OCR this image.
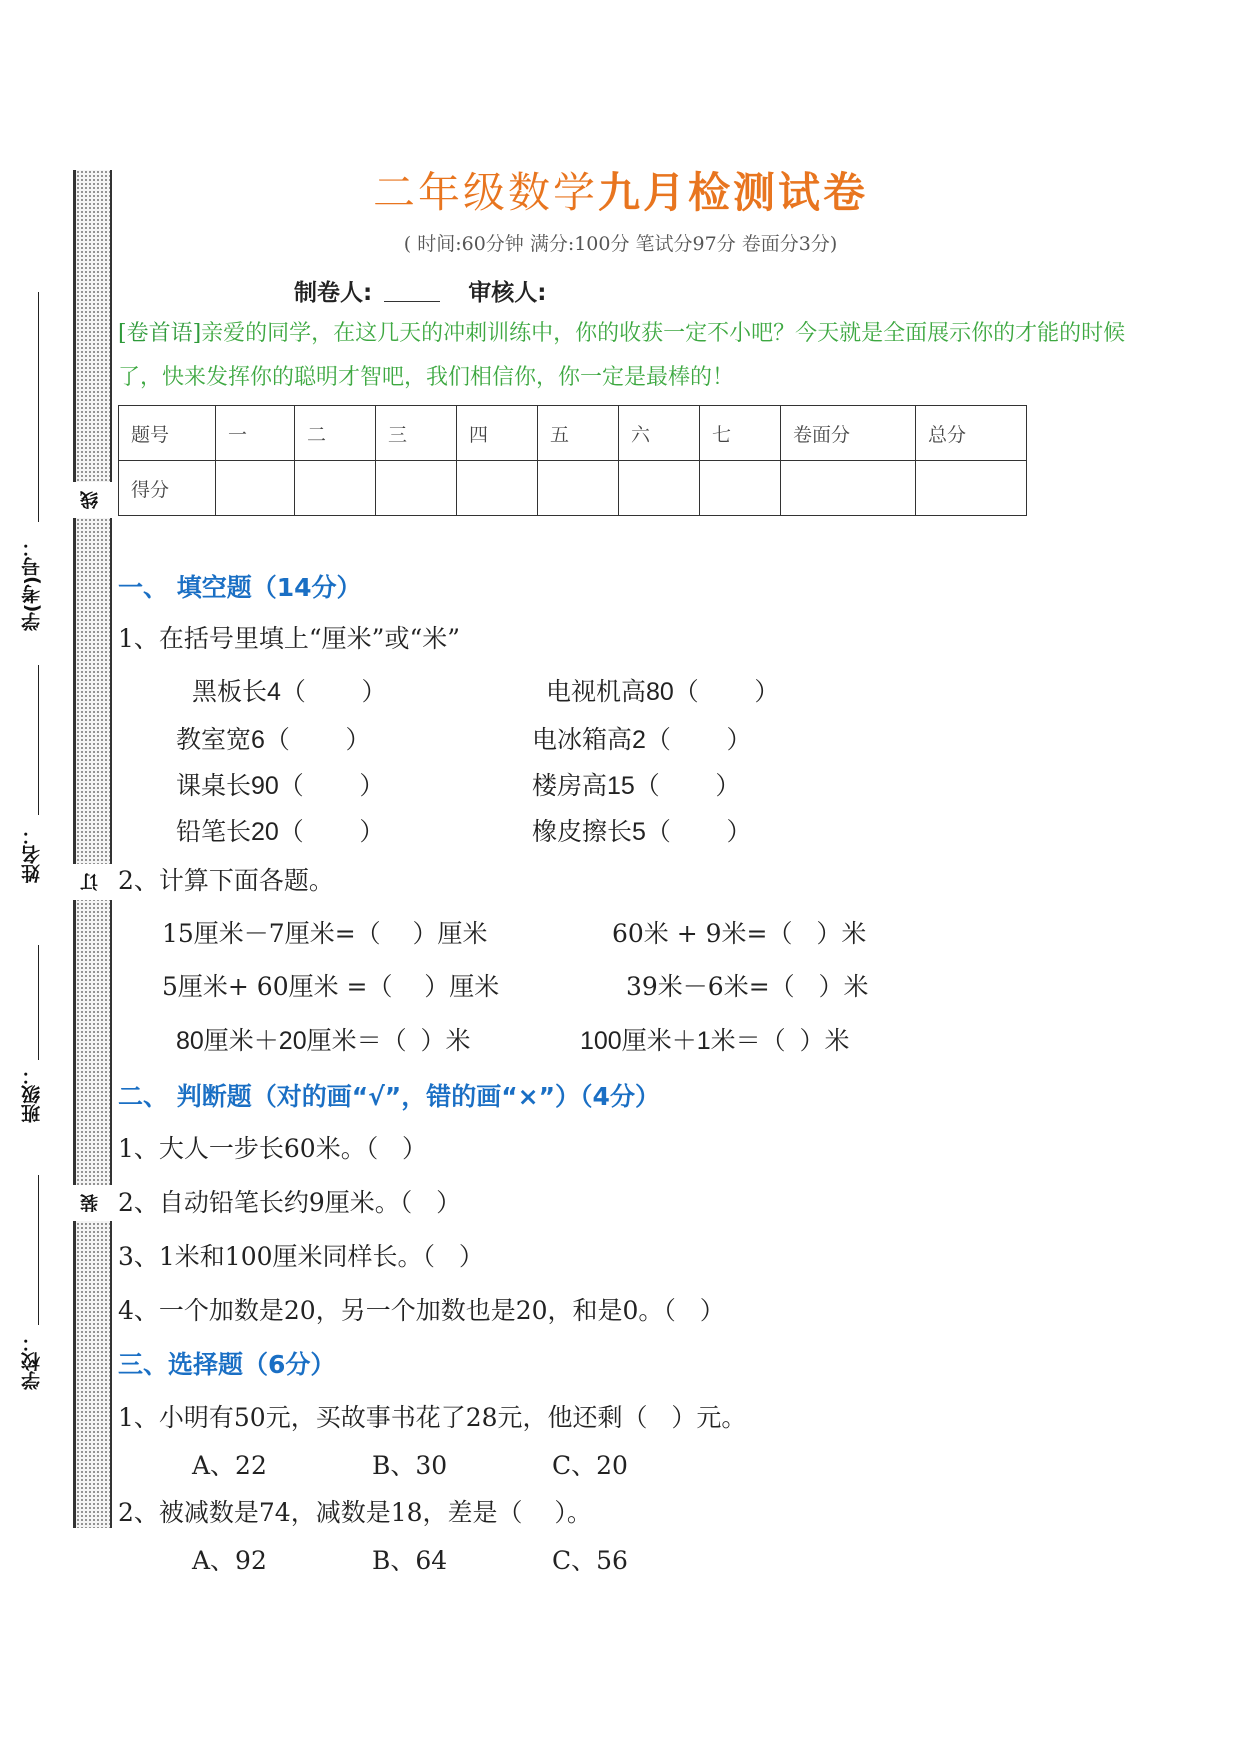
学(考)号：
姓名：
班级：
学校：
线
订
装
二年级数学九月检测试卷
( 时间:60分钟 满分:100分 笔试分97分 卷面分3分)
制卷人:	审核人:
[卷首语]亲爱的同学，在这几天的冲刺训练中，你的收获一定不小吧？今天就是全面展示你的才能的时候了，快来发挥你的聪明才智吧，我们相信你，你一定是最棒的！
题号	一	二	三	四	五	六	七	卷面分	总分
得分									
一、 填空题（14分）
1、在括号里填上“厘米”或“米”
黑板长4（        ）	电视机高80（        ）
教室宽6（        ）	电冰箱高2（        ）
课桌长90（        ）	楼房高15（        ）
铅笔长20（        ）	橡皮擦长5（        ）
2、计算下面各题。
15厘米－7厘米=（    ）厘米	60米 + 9米=（   ）米
5厘米+ 60厘米 =（    ）厘米	39米－6米=（   ）米
80厘米＋20厘米＝（  ）米	100厘米＋1米＝（  ）米
二、 判断题（对的画“√”，错的画“×”）（4分）
1、大人一步长60米。（   ）
2、自动铅笔长约9厘米。（   ）
3、1米和100厘米同样长。（   ）
4、一个加数是20，另一个加数也是20，和是0。（   ）
三、选择题（6分）
1、小明有50元，买故事书花了28元，他还剩（   ）元。
A、22	B、30	C、20
2、被减数是74，减数是18，差是（    ）。
A、92	B、64	C、56
